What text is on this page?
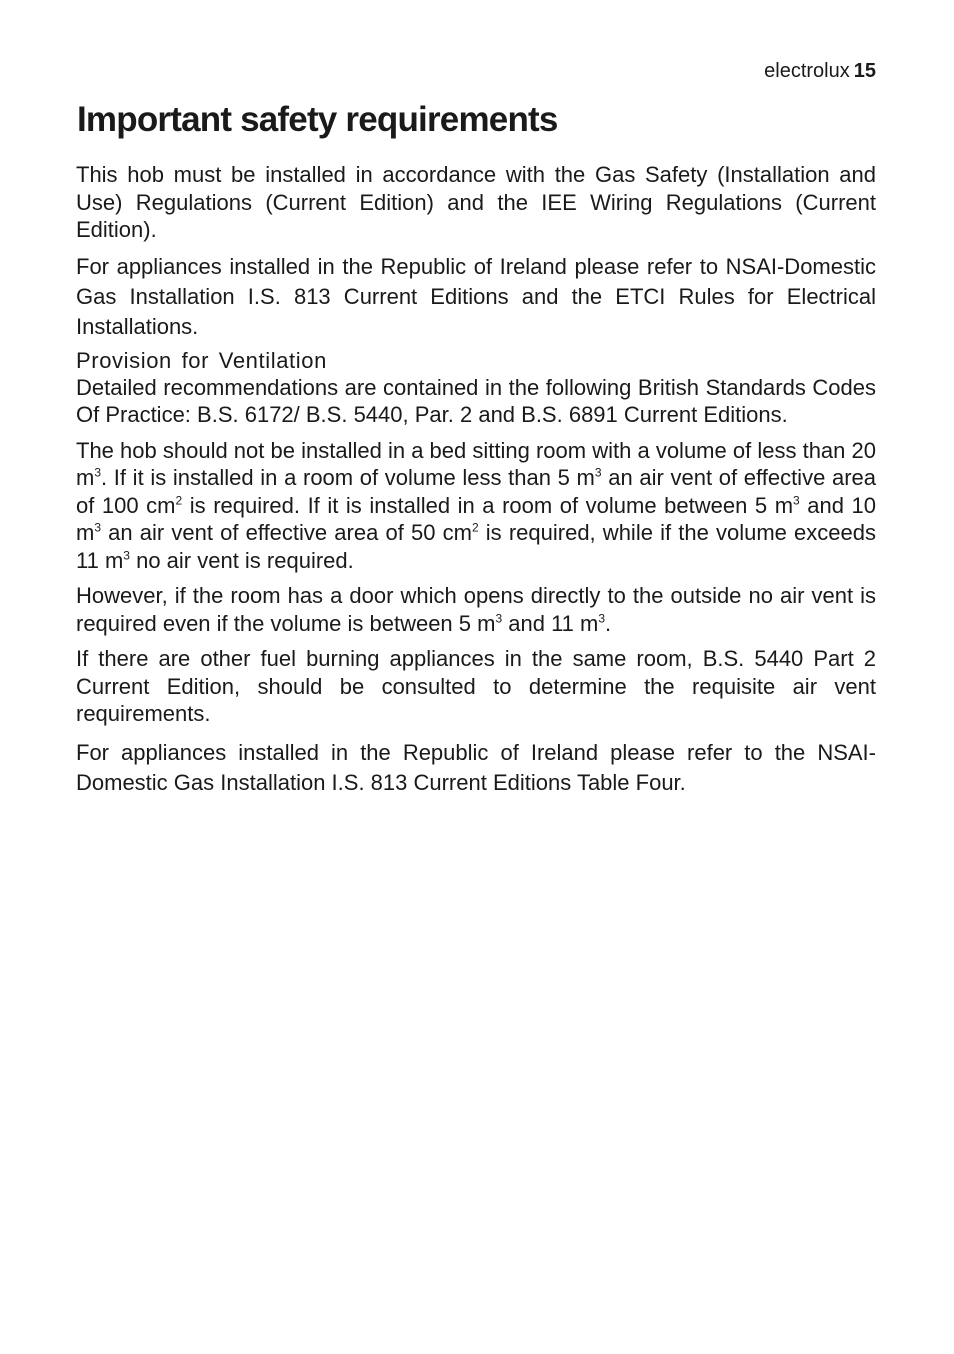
electrolux 15
Important safety requirements

This hob must be installed in accordance with the Gas Safety (Installation and Use) Regulations (Current Edition) and the IEE Wiring Regulations (Current Edition).

For appliances installed in the Republic of Ireland please refer to NSAI-Domestic Gas Installation I.S. 813 Current Editions and the ETCI Rules for Electrical Installations.

Provision for Ventilation

Detailed recommendations are contained in the following British Standards Codes Of Practice: B.S. 6172/ B.S. 5440, Par. 2 and B.S. 6891 Current Editions.

The hob should not be installed in a bed sitting room with a volume of less than 20 $m^3$. If it is installed in a room of volume less than 5 $m^3$ an air vent of effective area of 100 $cm^2$ is required. If it is installed in a room of volume between 5 $m^3$ and 10 $m^3$ an air vent of effective area of 50 $cm^2$ is required, while if the volume exceeds 11 $m^3$ no air vent is required.

However, if the room has a door which opens directly to the outside no air vent is required even if the volume is between 5 $m^3$ and 11 $m^3$.

If there are other fuel burning appliances in the same room, B.S. 5440 Part 2 Current Edition, should be consulted to determine the requisite air vent requirements.

For appliances installed in the Republic of Ireland please refer to the NSAI-Domestic Gas Installation I.S. 813 Current Editions Table Four.
